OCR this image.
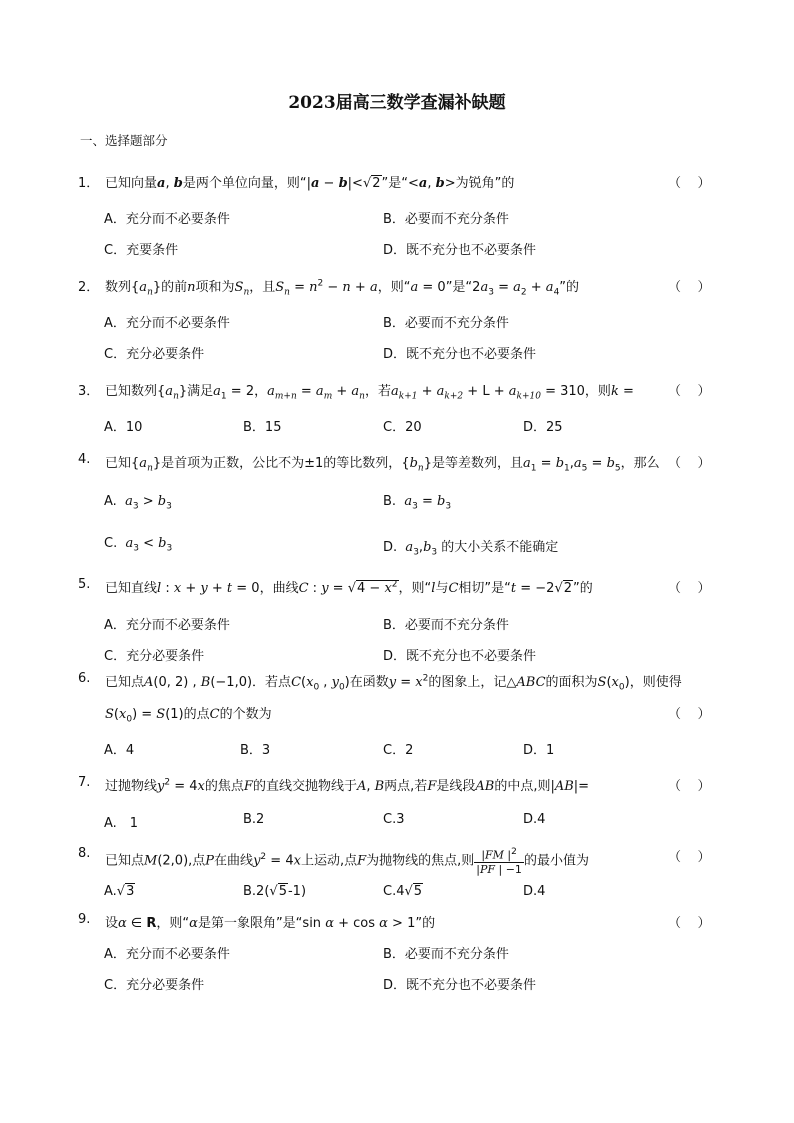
2023届高三数学查漏补缺题
一、选择题部分
1． 已知向量a, b是两个单位向量，则“|a − b|<√2”是“<a, b>为锐角”的	（    ）
A．充分而不必要条件	B．必要而不充分条件
C．充要条件	D．既不充分也不必要条件
2． 数列$\{a_n\}$的前n项和为$S_n$，且$S_n = n^2 - n + a$，则“a = 0”是“$2a_3 = a_2 + a_4$”的	（    ）
A．充分而不必要条件	B．必要而不充分条件
C．充分必要条件	D．既不充分也不必要条件
3． 已知数列$\{a_n\}$满足$a_1 = 2$，$a_{m+n} = a_m + a_n$，若$a_{k+1} + a_{k+2} + L + a_{k+10} = 310$，则k =	（    ）
A．10	B．15	C．20	D．25
4. 已知$\{a_n\}$是首项为正数，公比不为±1的等比数列，$\{b_n\}$是等差数列，且$a_1 = b_1,a_5 = b_5$，那么 （    ）
A. $a_3 > b_3$	B. $a_3 = b_3$
C. $a_3 < b_3$	D. $a_3,b_3$ 的大小关系不能确定
5. 已知直线l : x + y + t = 0，曲线C : $y = √4 - x^2$，则“l与C相切”是“t = −2√2”的	（    ）
A．充分而不必要条件	B．必要而不充分条件
C．充分必要条件	D．既不充分也不必要条件
6. 已知点A(0, 2) , B(−1,0)．若点$C(x_0$ , $y_0$)在函数$y = x^2$的图象上，记△ABC的面积为$S(x_0)$，则使得
$S(x_0) = S(1)$的点C的个数为	（    ）
A．4	B．3	C．2	D．1
7. 过抛物线$y^2 = 4x$的焦点F的直线交抛物线于A, B两点,若F是线段AB的中点,则|AB|=	（    ）
A.　1	B.2	C.3	D.4
8. 已知点M(2,0),点P在曲线$y^2 = 4x$上运动,点F为抛物线的焦点,则 $\frac{|FM |^2}{|PF | -1}$ 的最小值为	（    ）
A.√3	B.2(√5-1)	C.4√5	D.4
9. 设α ∈ R，则“α是第一象限角”是“sin α + cos α > 1”的	（    ）
A．充分而不必要条件	B．必要而不充分条件
C．充分必要条件	D．既不充分也不必要条件
